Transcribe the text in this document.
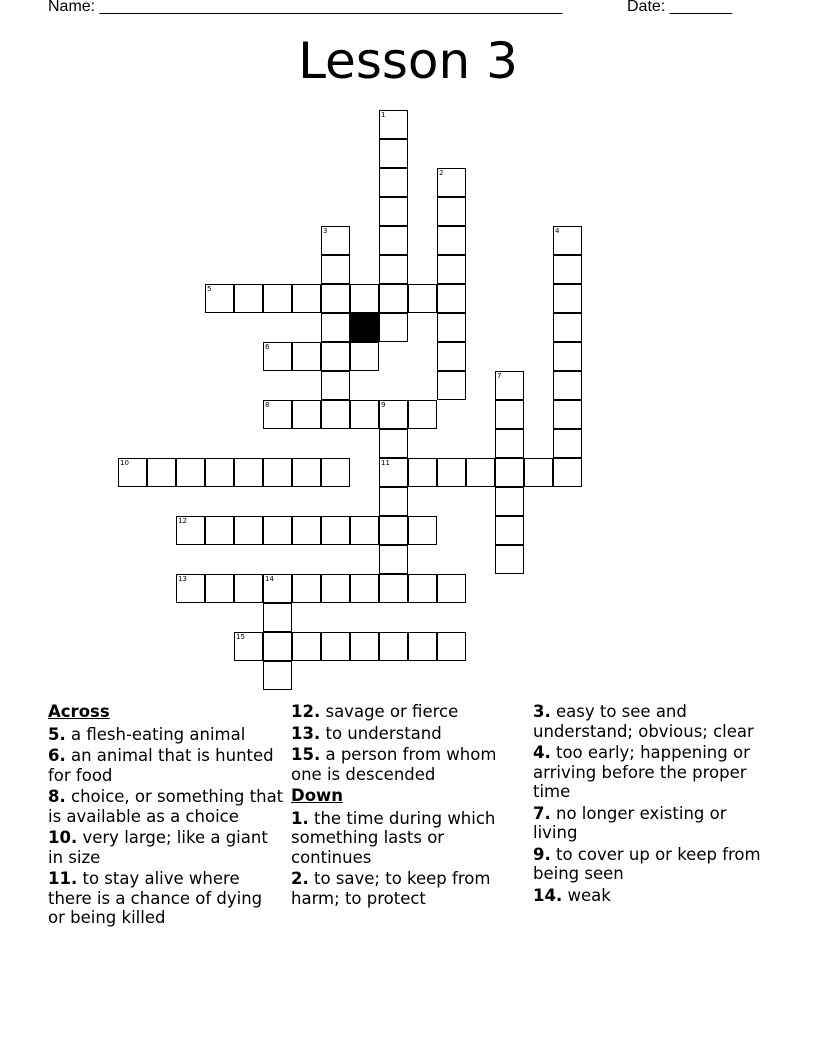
Name: ____________________________________________________	Date: _______
Lesson 3
1
2
3	4
5
6
7
8	9
11
10
12
13	14
15
Across
5. a flesh-eating animal
6. an animal that is hunted for food
8. choice, or something that is available as a choice
10. very large; like a giant in size
11. to stay alive where there is a chance of dying or being killed
12. savage or fierce
13. to understand
15. a person from whom one is descended
Down
1. the time during which something lasts or continues
2. to save; to keep from harm; to protect
3. easy to see and understand; obvious; clear
4. too early; happening or arriving before the proper time
7. no longer existing or living
9. to cover up or keep from being seen
14. weak
